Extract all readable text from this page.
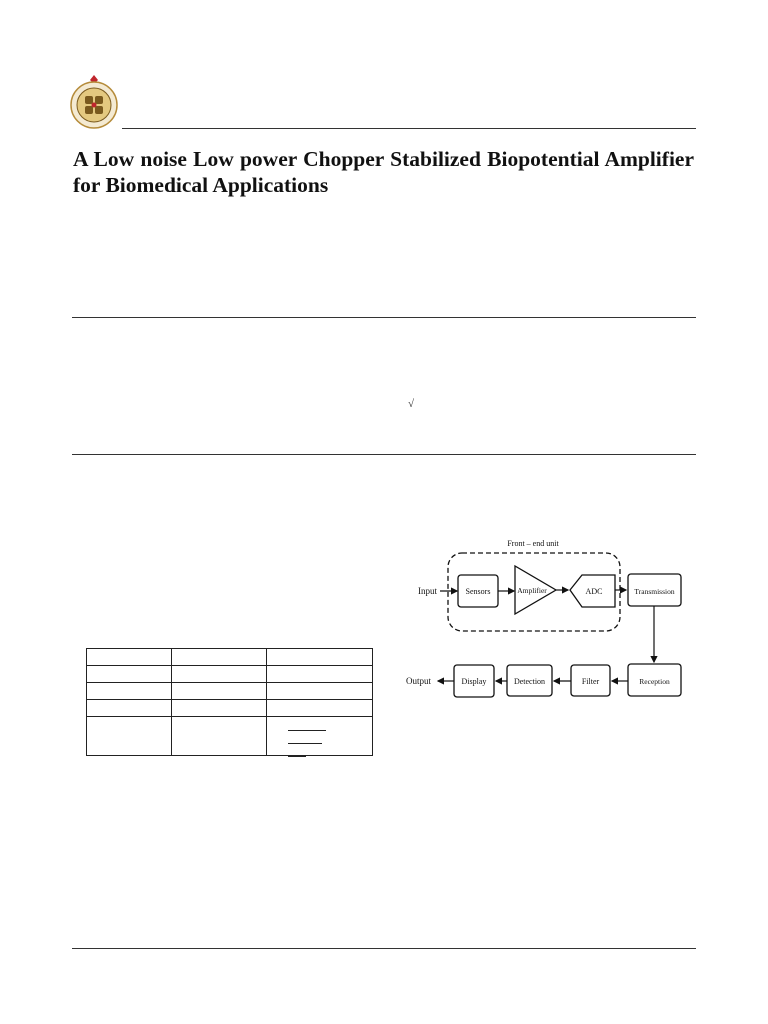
A Low noise Low power Chopper Stabilized Biopotential Amplifier for Biomedical Applications
√

Front – end unit
Input	Sensors	Amplifier	ADC	Transmission
Reception
Filter
Detection
Display
Output
